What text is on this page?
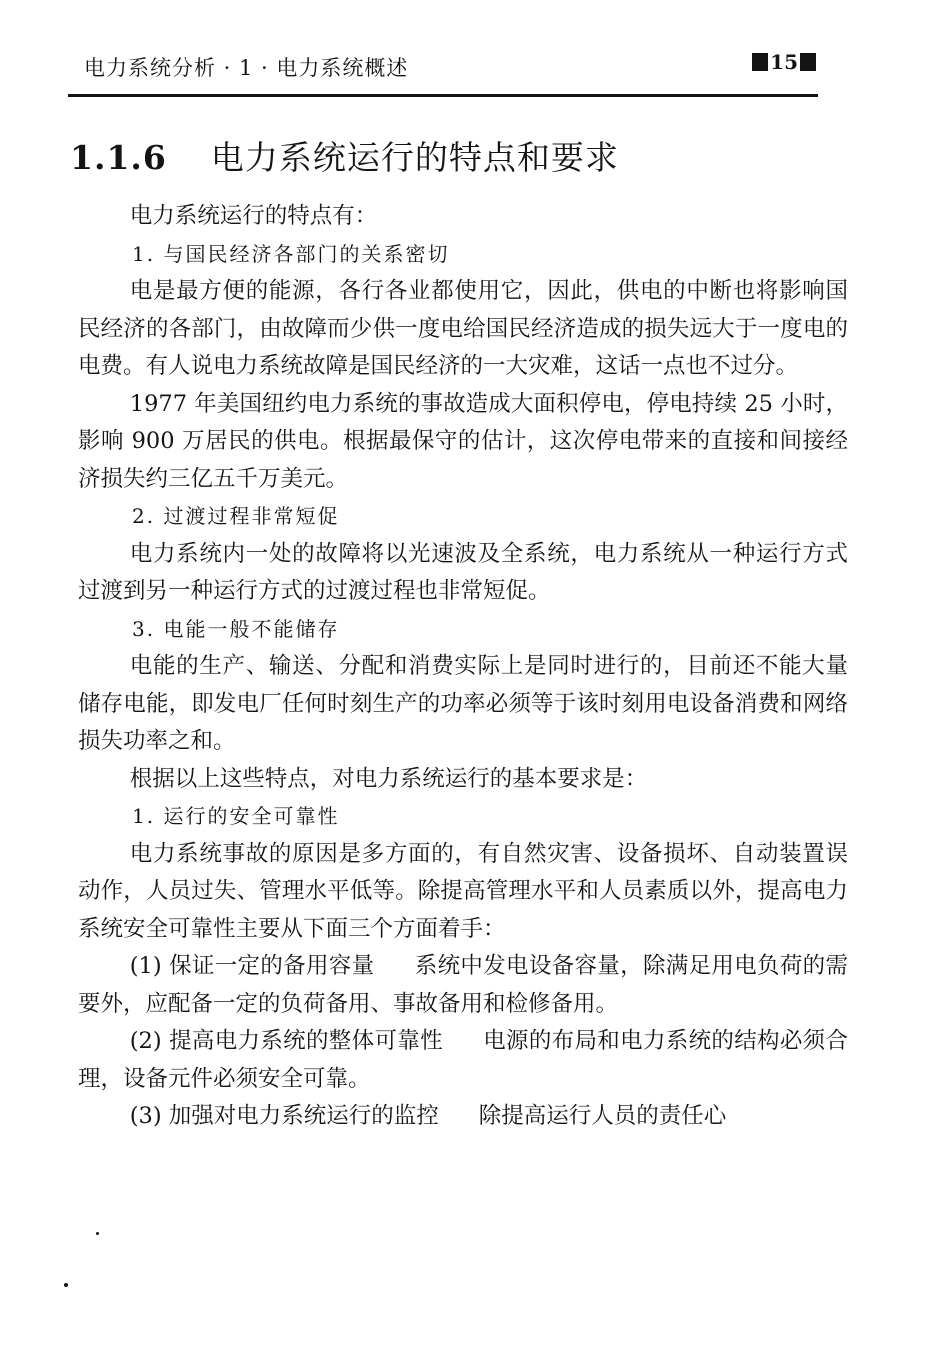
电力系统分析 · 1 · 电力系统概述	15
1.1.6 电力系统运行的特点和要求

电力系统运行的特点有：

1. 与国民经济各部门的关系密切

电是最方便的能源，各行各业都使用它，因此，供电的中断也将影响国民经济的各部门，由故障而少供一度电给国民经济造成的损失远大于一度电的电费。有人说电力系统故障是国民经济的一大灾难，这话一点也不过分。

1977 年美国纽约电力系统的事故造成大面积停电，停电持续 25 小时，影响 900 万居民的供电。根据最保守的估计，这次停电带来的直接和间接经济损失约三亿五千万美元。

2. 过渡过程非常短促

电力系统内一处的故障将以光速波及全系统，电力系统从一种运行方式过渡到另一种运行方式的过渡过程也非常短促。

3. 电能一般不能储存

电能的生产、输送、分配和消费实际上是同时进行的，目前还不能大量储存电能，即发电厂任何时刻生产的功率必须等于该时刻用电设备消费和网络损失功率之和。

根据以上这些特点，对电力系统运行的基本要求是：

1. 运行的安全可靠性

电力系统事故的原因是多方面的，有自然灾害、设备损坏、自动装置误动作，人员过失、管理水平低等。除提高管理水平和人员素质以外，提高电力系统安全可靠性主要从下面三个方面着手：

(1) 保证一定的备用容量 系统中发电设备容量，除满足用电负荷的需要外，应配备一定的负荷备用、事故备用和检修备用。

(2) 提高电力系统的整体可靠性 电源的布局和电力系统的结构必须合理，设备元件必须安全可靠。

(3) 加强对电力系统运行的监控 除提高运行人员的责任心
